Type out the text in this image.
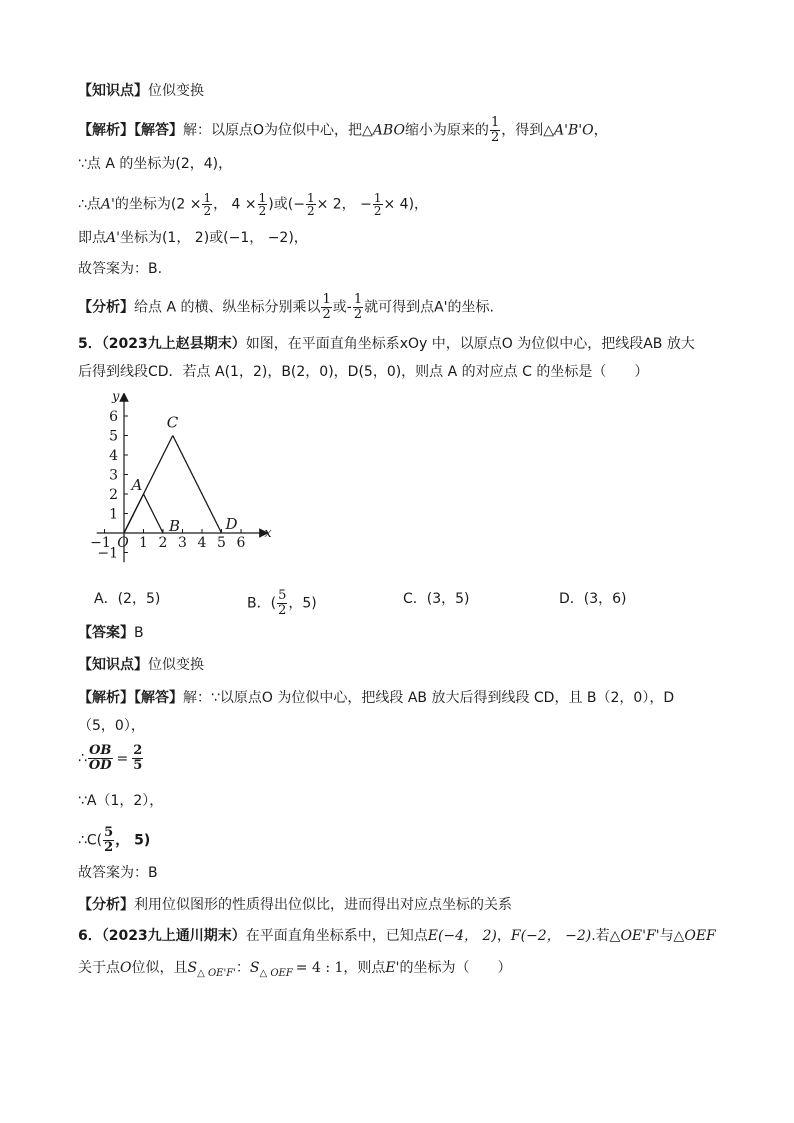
【知识点】位似变换
【解析】【解答】解：以原点O为位似中心，把△ABO缩小为原来的 $\frac{1}{2}$ ，得到△A'B'O，
∵点 A 的坐标为(2，4)，
∴点A'的坐标为($2 \times \frac{1}{2}$ ， $4 \times \frac{1}{2}$ )或(− $\frac{1}{2} \times 2$， − $\frac{1}{2} \times 4$)，
即点A'坐标为(1， 2)或(−1， −2)，
故答案为：B.
【分析】给点 A 的横、纵坐标分别乘以 $\frac{1}{2}$ 或- $\frac{1}{2}$ 就可得到点A'的坐标.
5．（2023九上赵县期末）如图，在平面直角坐标系xOy 中，以原点O 为位似中心，把线段AB 放大
后得到线段CD．若点 A(1，2)，B(2，0)，D(5，0)，则点 A 的对应点 C 的坐标是（　　）
−1 1 2 3 4 5 6
−1
1
2
3
4
5
6
x
y
O
A
B
C
D
A．(2，5)	B．( $\frac{5}{2}$ ，5)	C．(3，5)	D．(3，6)
【答案】B
【知识点】位似变换
【解析】【解答】解：∵以原点O 为位似中心，把线段 AB 放大后得到线段 CD，且 B（2，0），D
（5，0），
∴ $\frac{OB}{OD} = \frac{2}{5}$
∵A（1，2），
∴C( $\frac{5}{2}$ ， 5)
故答案为：B
【分析】利用位似图形的性质得出位似比，进而得出对应点坐标的关系
6．（2023九上通川期末）在平面直角坐标系中，已知点E(−4， 2)，F(−2， −2).若△OE'F'与△OEF
关于点O位似，且$S_{\triangle OE'F'}$：$S_{\triangle OEF} = 4$ : 1，则点E'的坐标为（　　）
